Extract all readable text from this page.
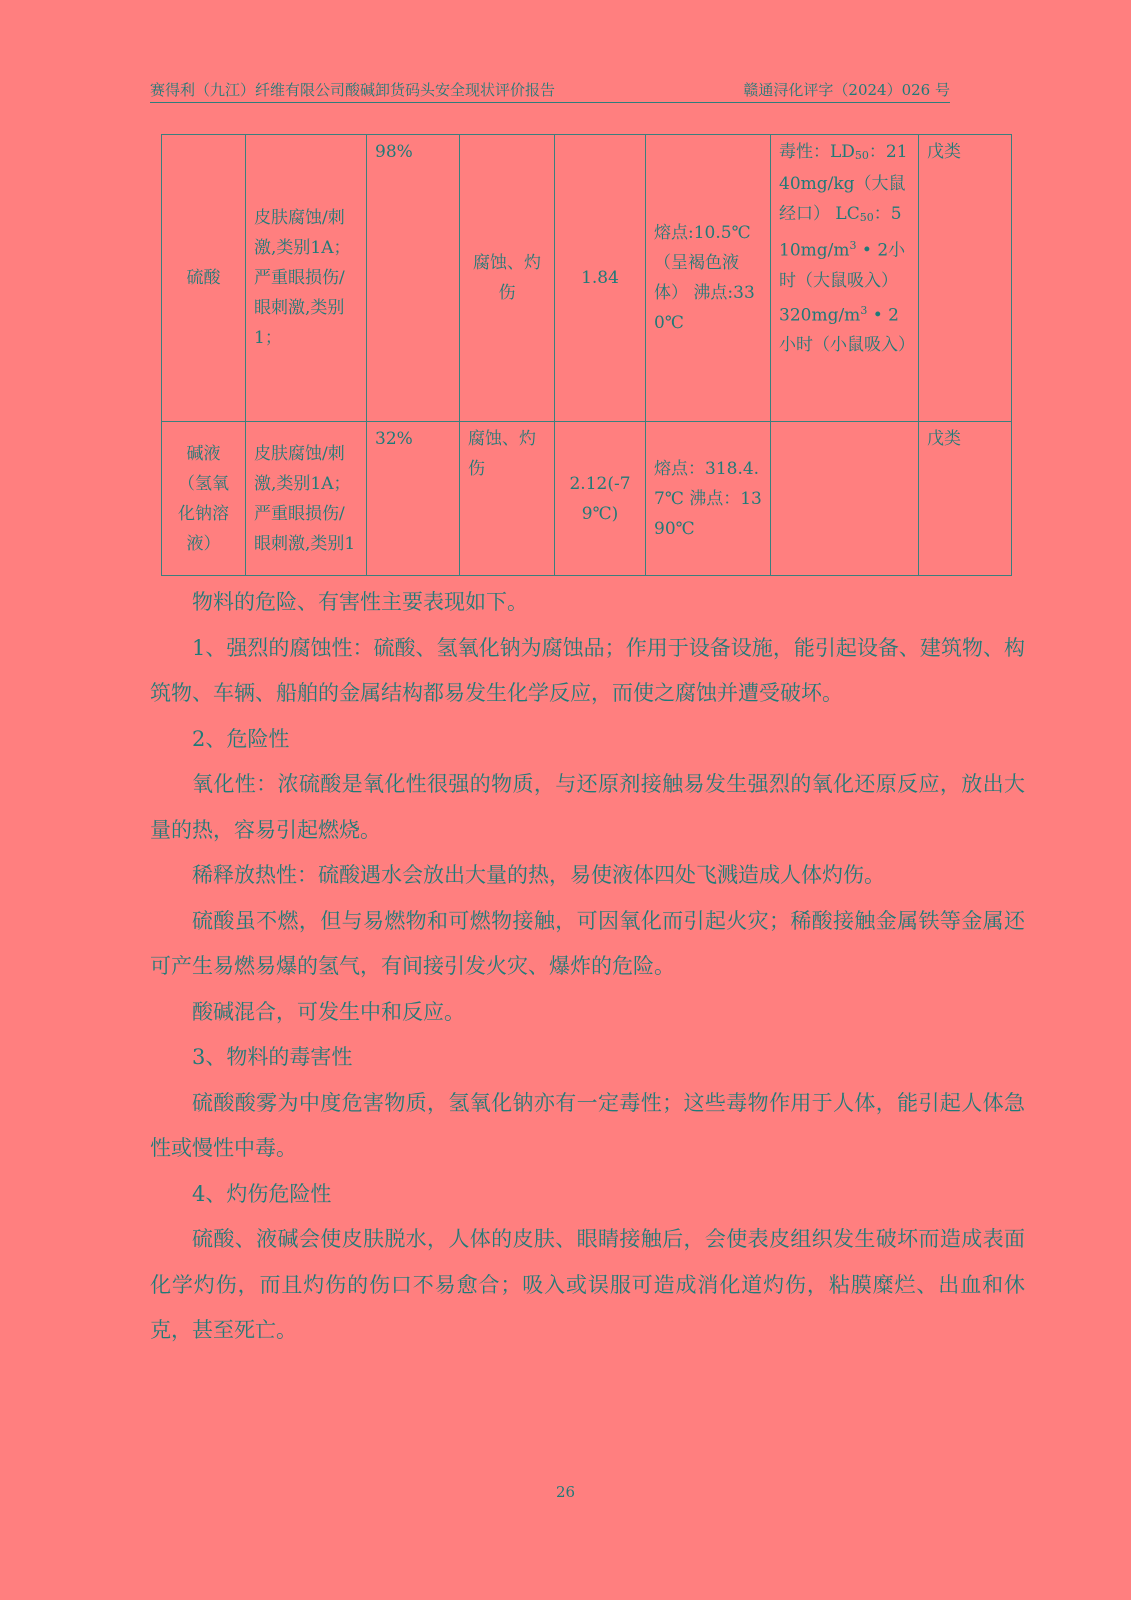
赛得利（九江）纤维有限公司酸碱卸货码头安全现状评价报告	赣通浔化评字（2024）026 号
硫酸	皮肤腐蚀/刺激,类别1A；严重眼损伤/眼刺激,类别1；	98%	腐蚀、灼伤	1.84	熔点:10.5℃（呈褐色液体） 沸点:330℃	毒性：$LD_{50}$：2140mg/kg（大鼠经口） $LC_{50}$：$510mg/m^3$ • 2小时（大鼠吸入） $320mg/m^3$ • 2小时（小鼠吸入）	戊类
碱液（氢氧化钠溶液）	皮肤腐蚀/刺激,类别1A；严重眼损伤/眼刺激,类别1	32%	腐蚀、灼伤	2.12(-79℃)	熔点：318.4.7℃ 沸点：1390℃		戊类

物料的危险、有害性主要表现如下。

1、强烈的腐蚀性：硫酸、氢氧化钠为腐蚀品；作用于设备设施，能引起设备、建筑物、构筑物、车辆、船舶的金属结构都易发生化学反应，而使之腐蚀并遭受破坏。

2、危险性

氧化性：浓硫酸是氧化性很强的物质，与还原剂接触易发生强烈的氧化还原反应，放出大量的热，容易引起燃烧。

稀释放热性：硫酸遇水会放出大量的热，易使液体四处飞溅造成人体灼伤。

硫酸虽不燃，但与易燃物和可燃物接触，可因氧化而引起火灾；稀酸接触金属铁等金属还可产生易燃易爆的氢气，有间接引发火灾、爆炸的危险。

酸碱混合，可发生中和反应。

3、物料的毒害性

硫酸酸雾为中度危害物质，氢氧化钠亦有一定毒性；这些毒物作用于人体，能引起人体急性或慢性中毒。

4、灼伤危险性

硫酸、液碱会使皮肤脱水，人体的皮肤、眼睛接触后，会使表皮组织发生破坏而造成表面化学灼伤，而且灼伤的伤口不易愈合；吸入或误服可造成消化道灼伤，粘膜糜烂、出血和休克，甚至死亡。

26
